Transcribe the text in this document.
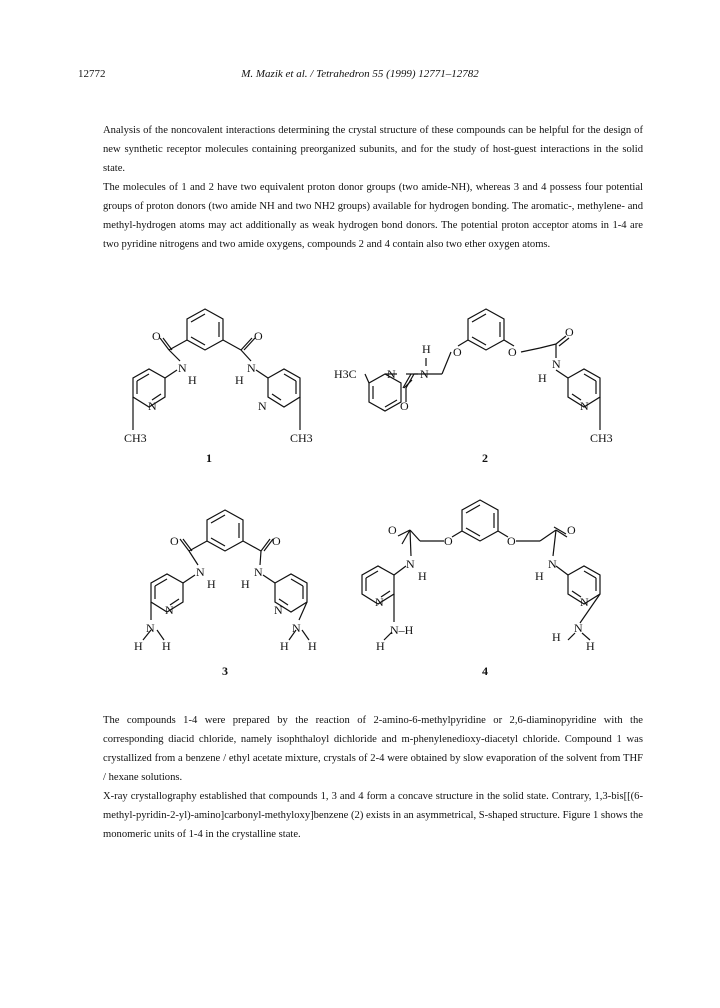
12772	M. Mazik et al. / Tetrahedron 55 (1999) 12771–12782

Analysis of the noncovalent interactions determining the crystal structure of these compounds can be helpful for the design of new synthetic receptor molecules containing preorganized subunits, and for the study of host-guest interactions in the solid state.

The molecules of 1 and 2 have two equivalent proton donor groups (two amide-NH), whereas 3 and 4 possess four potential groups of proton donors (two amide NH and two NH2 groups) available for hydrogen bonding. The aromatic-, methylene- and methyl-hydrogen atoms may act additionally as weak hydrogen bond donors. The potential proton acceptor atoms in 1-4 are two pyridine nitrogens and two amide oxygens, compounds 2 and 4 contain also two ether oxygen atoms.

O	O
N
H
N
H
N	N
CH3	CH3
O	O
O
H
N
N
O
H3C
N
H
N
CH3
O	O
N
H
N
H
N	N
N	N
H H	H H
O
O	O
O
N
H
N
H
N	N
N–H
H
N
H
H
1	2
3	4

The compounds 1-4 were prepared by the reaction of 2-amino-6-methylpyridine or 2,6-diaminopyridine with the corresponding diacid chloride, namely isophthaloyl dichloride and m-phenylenedioxy-diacetyl chloride. Compound 1 was crystallized from a benzene / ethyl acetate mixture, crystals of 2-4 were obtained by slow evaporation of the solvent from THF / hexane solutions.

X-ray crystallography established that compounds 1, 3 and 4 form a concave structure in the solid state. Contrary, 1,3-bis[[(6-methyl-pyridin-2-yl)-amino]carbonyl-methyloxy]benzene (2) exists in an asymmetrical, S-shaped structure. Figure 1 shows the monomeric units of 1-4 in the crystalline state.
